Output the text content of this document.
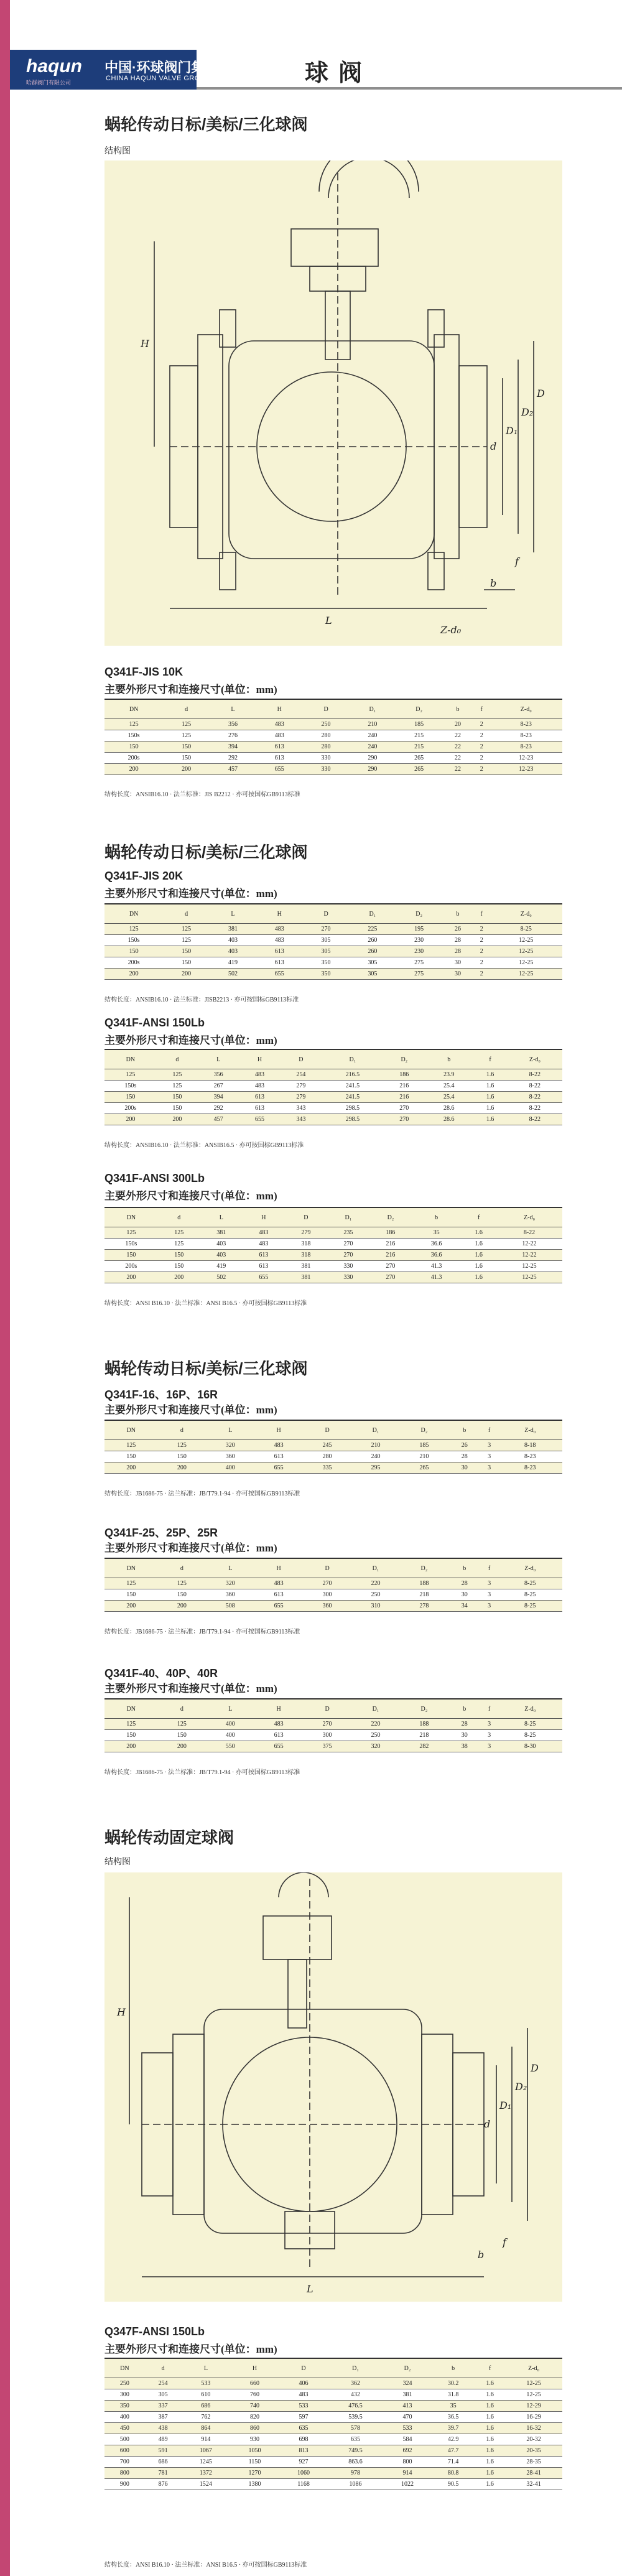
haqun
哈群阀门有限公司
中国·环球阀门集团
CHINA HAQUN VALVE GROUP	球阀
蜗轮传动日标/美标/三化球阀
结构图
H
L
d
D₁
D₂
D
b
f
Z-d₀
Q341F-JIS 10K
主要外形尺寸和连接尺寸(单位：mm)
DN	d	L	H	D	D₁	D₂	b	f	Z-d₀
125	125	356	483	250	210	185	20	2	8-23
150s	125	276	483	280	240	215	22	2	8-23
150	150	394	613	280	240	215	22	2	8-23
200s	150	292	613	330	290	265	22	2	12-23
200	200	457	655	330	290	265	22	2	12-23
结构长度：ANSIB16.10 · 法兰标准：JIS B2212 · 亦可按国标GB9113标准
蜗轮传动日标/美标/三化球阀
Q341F-JIS 20K
主要外形尺寸和连接尺寸(单位：mm)
DN	d	L	H	D	D₁	D₂	b	f	Z-d₀
125	125	381	483	270	225	195	26	2	8-25
150s	125	403	483	305	260	230	28	2	12-25
150	150	403	613	305	260	230	28	2	12-25
200s	150	419	613	350	305	275	30	2	12-25
200	200	502	655	350	305	275	30	2	12-25
结构长度：ANSIB16.10 · 法兰标准：JISB2213 · 亦可按国标GB9113标准
Q341F-ANSI 150Lb
主要外形尺寸和连接尺寸(单位：mm)
DN	d	L	H	D	D₁	D₂	b	f	Z-d₀
125	125	356	483	254	216.5	186	23.9	1.6	8-22
150s	125	267	483	279	241.5	216	25.4	1.6	8-22
150	150	394	613	279	241.5	216	25.4	1.6	8-22
200s	150	292	613	343	298.5	270	28.6	1.6	8-22
200	200	457	655	343	298.5	270	28.6	1.6	8-22
结构长度：ANSIB16.10 · 法兰标准：ANSIB16.5 · 亦可按国标GB9113标准
Q341F-ANSI 300Lb
主要外形尺寸和连接尺寸(单位：mm)
DN	d	L	H	D	D₁	D₂	b	f	Z-d₀
125	125	381	483	279	235	186	35	1.6	8-22
150s	125	403	483	318	270	216	36.6	1.6	12-22
150	150	403	613	318	270	216	36.6	1.6	12-22
200s	150	419	613	381	330	270	41.3	1.6	12-25
200	200	502	655	381	330	270	41.3	1.6	12-25
结构长度：ANSI B16.10 · 法兰标准：ANSI B16.5 · 亦可按国标GB9113标准
蜗轮传动日标/美标/三化球阀
Q341F-16、16P、16R
主要外形尺寸和连接尺寸(单位：mm)
DN	d	L	H	D	D₁	D₂	b	f	Z-d₀
125	125	320	483	245	210	185	26	3	8-18
150	150	360	613	280	240	210	28	3	8-23
200	200	400	655	335	295	265	30	3	8-23
结构长度：JB1686-75 · 法兰标准：JB/T79.1-94 · 亦可按国标GB9113标准
Q341F-25、25P、25R
主要外形尺寸和连接尺寸(单位：mm)
DN	d	L	H	D	D₁	D₂	b	f	Z-d₀
125	125	320	483	270	220	188	28	3	8-25
150	150	360	613	300	250	218	30	3	8-25
200	200	508	655	360	310	278	34	3	8-25
结构长度：JB1686-75 · 法兰标准：JB/T79.1-94 · 亦可按国标GB9113标准
Q341F-40、40P、40R
主要外形尺寸和连接尺寸(单位：mm)
DN	d	L	H	D	D₁	D₂	b	f	Z-d₀
125	125	400	483	270	220	188	28	3	8-25
150	150	400	613	300	250	218	30	3	8-25
200	200	550	655	375	320	282	38	3	8-30
结构长度：JB1686-75 · 法兰标准：JB/T79.1-94 · 亦可按国标GB9113标准
蜗轮传动固定球阀
结构图
H
L
d
D₁
D₂
D
b
f
Q347F-ANSI 150Lb
主要外形尺寸和连接尺寸(单位：mm)
DN	d	L	H	D	D₁	D₂	b	f	Z-d₀
250	254	533	660	406	362	324	30.2	1.6	12-25
300	305	610	760	483	432	381	31.8	1.6	12-25
350	337	686	740	533	476.5	413	35	1.6	12-29
400	387	762	820	597	539.5	470	36.5	1.6	16-29
450	438	864	860	635	578	533	39.7	1.6	16-32
500	489	914	930	698	635	584	42.9	1.6	20-32
600	591	1067	1050	813	749.5	692	47.7	1.6	20-35
700	686	1245	1150	927	863.6	800	71.4	1.6	28-35
800	781	1372	1270	1060	978	914	80.8	1.6	28-41
900	876	1524	1380	1168	1086	1022	90.5	1.6	32-41
结构长度：ANSI B16.10 · 法兰标准：ANSI B16.5 · 亦可按国标GB9113标准
